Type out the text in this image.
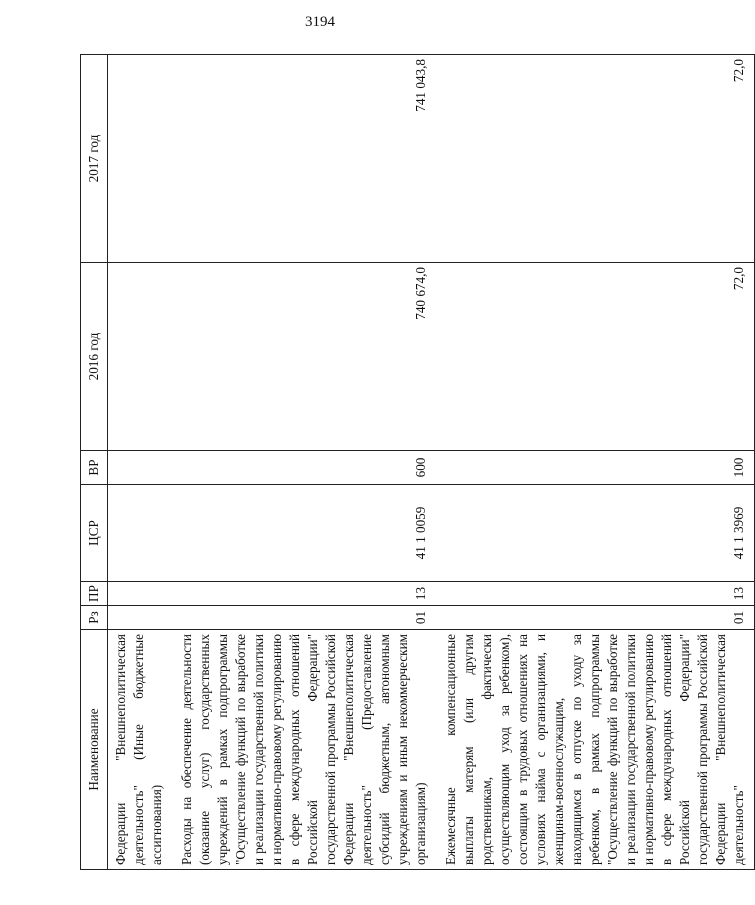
3194
Наименование	Рз	ПР	ЦСР	ВР	2016 год	2017 год
Федерации "Внешнеполитическая деятельность" (Иные бюджетные ассигнования)						
Расходы на обеспечение деятельности (оказание услуг) государственных учреждений в рамках подпрограммы "Осуществление функций по выработке и реализации государственной политики и нормативно-правовому регулированию в сфере международных отношений Российской Федерации" государственной программы Российской Федерации "Внешнеполитическая деятельность" (Предоставление субсидий бюджетным, автономным учреждениям и иным некоммерческим организациям)	01	13	41 1 0059	600	740 674,0	741 043,8
Ежемесячные компенсационные выплаты матерям (или другим родственникам, фактически осуществляющим уход за ребенком), состоящим в трудовых отношениях на условиях найма с организациями, и женщинам-военнослужащим, находящимся в отпуске по уходу за ребенком, в рамках подпрограммы "Осуществление функций по выработке и реализации государственной политики и нормативно-правовому регулированию в сфере международных отношений Российской Федерации" государственной программы Российской Федерации "Внешнеполитическая деятельность"	01	13	41 1 3969	100	72,0	72,0
